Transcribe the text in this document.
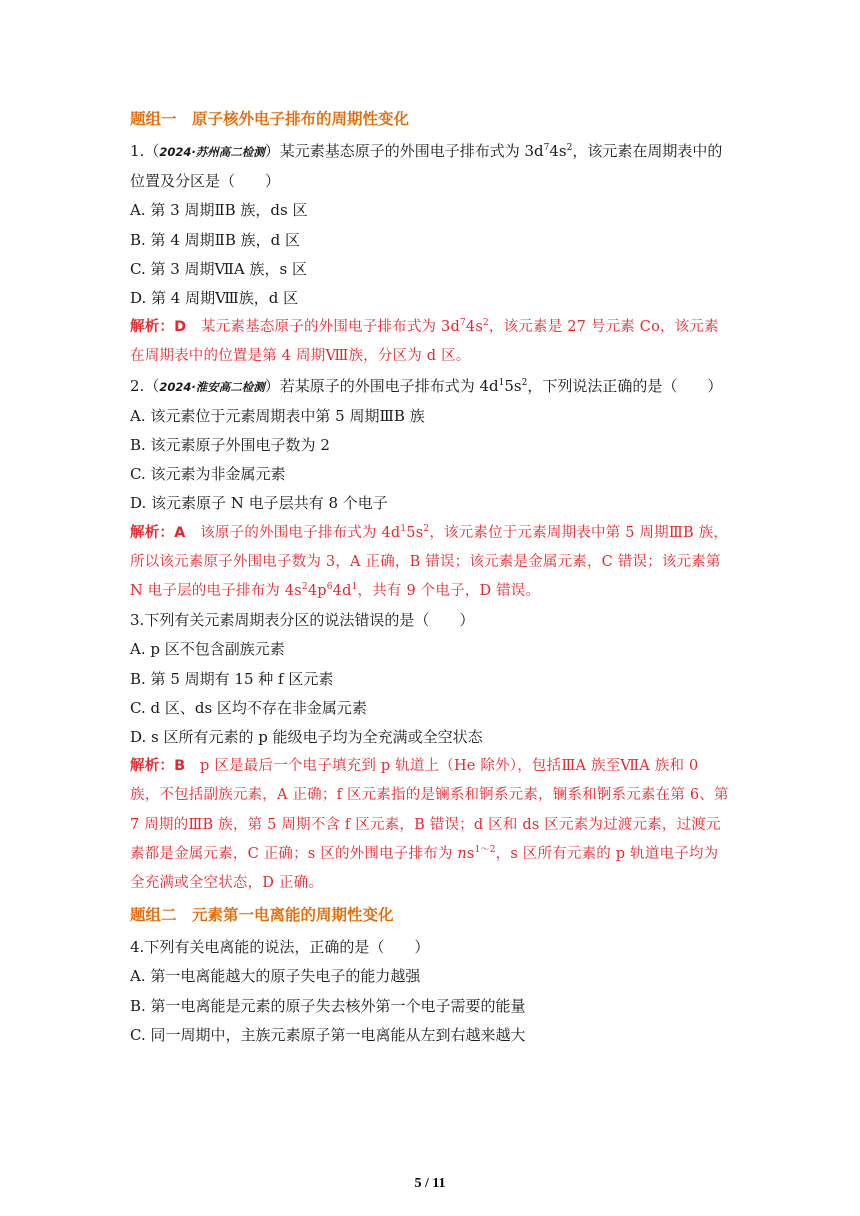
题组一　原子核外电子排布的周期性变化

1.（2024·苏州高二检测）某元素基态原子的外围电子排布式为 $3d^74s^2$，该元素在周期表中的位置及分区是（　　）
A. 第 3 周期ⅡB 族，ds 区
B. 第 4 周期ⅡB 族，d 区
C. 第 3 周期ⅦA 族，s 区
D. 第 4 周期Ⅷ族，d 区
解析：D　某元素基态原子的外围电子排布式为 $3d^74s^2$，该元素是 27 号元素 Co，该元素在周期表中的位置是第 4 周期Ⅷ族，分区为 d 区。
2.（2024·淮安高二检测）若某原子的外围电子排布式为 $4d^15s^2$，下列说法正确的是（　　）
A. 该元素位于元素周期表中第 5 周期ⅢB 族
B. 该元素原子外围电子数为 2
C. 该元素为非金属元素
D. 该元素原子 N 电子层共有 8 个电子
解析：A　该原子的外围电子排布式为 $4d^15s^2$，该元素位于元素周期表中第 5 周期ⅢB 族，所以该元素原子外围电子数为 3，A 正确，B 错误；该元素是金属元素，C 错误；该元素第 N 电子层的电子排布为 $4s^24p^64d^1$，共有 9 个电子，D 错误。
3.下列有关元素周期表分区的说法错误的是（　　）
A. p 区不包含副族元素
B. 第 5 周期有 15 种 f 区元素
C. d 区、ds 区均不存在非金属元素
D. s 区所有元素的 p 能级电子均为全充满或全空状态
解析：B　p 区是最后一个电子填充到 p 轨道上（He 除外），包括ⅢA 族至ⅦA 族和 0 族，不包括副族元素，A 正确；f 区元素指的是镧系和锕系元素，镧系和锕系元素在第 6、第 7 周期的ⅢB 族，第 5 周期不含 f 区元素，B 错误；d 区和 ds 区元素为过渡元素，过渡元素都是金属元素，C 正确；s 区的外围电子排布为 $ns^{1\sim 2}$，s 区所有元素的 p 轨道电子均为全充满或全空状态，D 正确。

题组二　元素第一电离能的周期性变化

4.下列有关电离能的说法，正确的是（　　）
A. 第一电离能越大的原子失电子的能力越强
B. 第一电离能是元素的原子失去核外第一个电子需要的能量
C. 同一周期中，主族元素原子第一电离能从左到右越来越大
5 / 11
